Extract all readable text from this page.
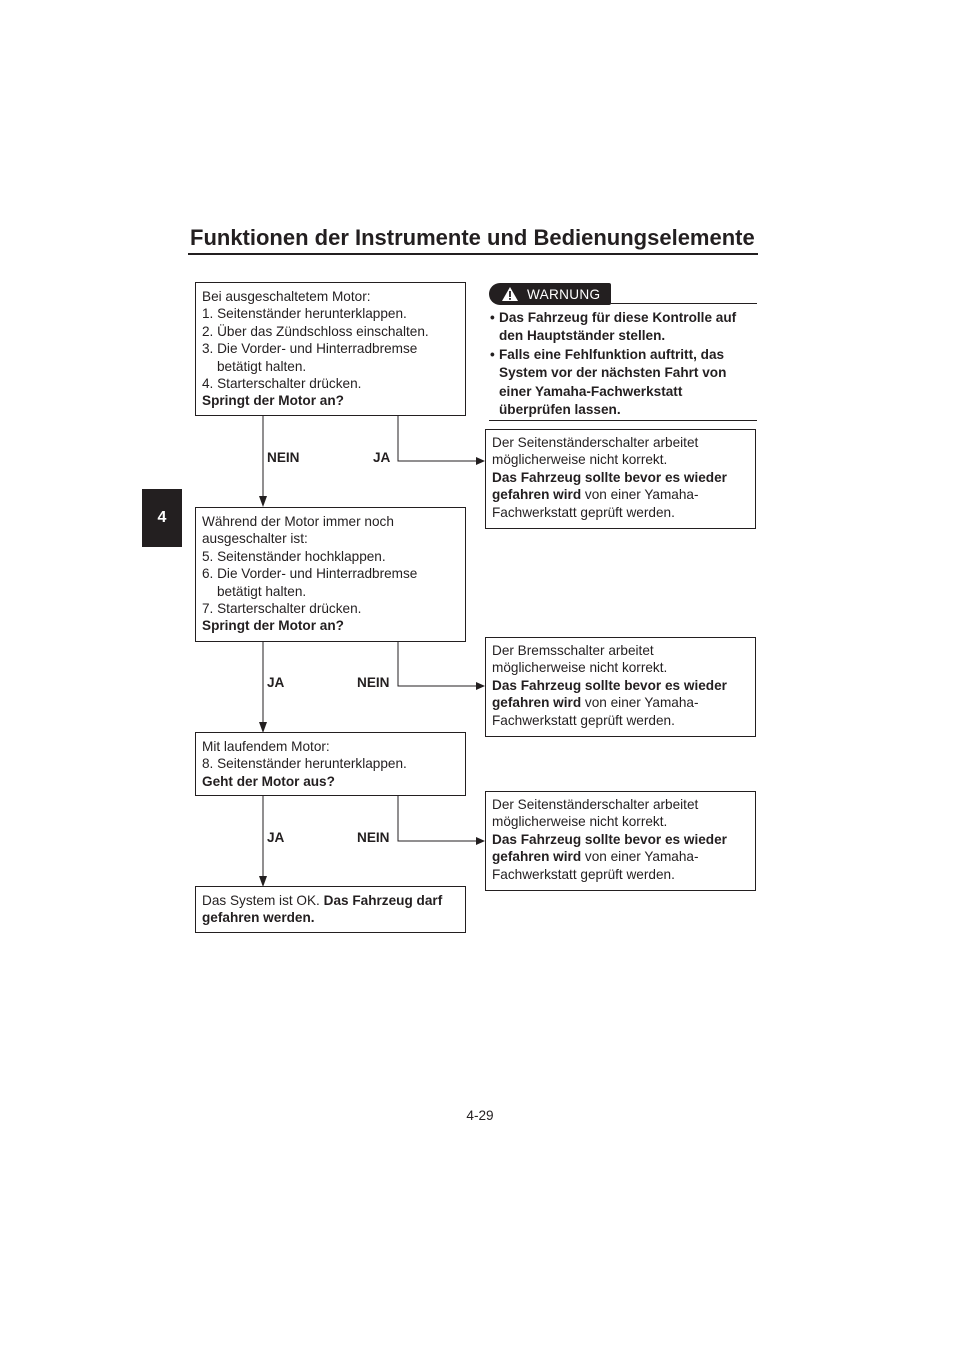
Funktionen der Instrumente und Bedienungselemente
4
Bei ausgeschaltetem Motor:
1. Seitenständer herunterklappen.
2. Über das Zündschloss einschalten.
3. Die Vorder- und Hinterradbremse
betätigt halten.
4. Starterschalter drücken.
Springt der Motor an?
NEIN	JA
Der Seitenständerschalter arbeitet
möglicherweise nicht korrekt.
Das Fahrzeug sollte bevor es wieder
gefahren wird von einer Yamaha-
Fachwerkstatt geprüft werden.
Während der Motor immer noch
ausgeschalter ist:
5. Seitenständer hochklappen.
6. Die Vorder- und Hinterradbremse
betätigt halten.
7. Starterschalter drücken.
Springt der Motor an?
JA	NEIN
Der Bremsschalter arbeitet
möglicherweise nicht korrekt.
Das Fahrzeug sollte bevor es wieder
gefahren wird von einer Yamaha-
Fachwerkstatt geprüft werden.
Mit laufendem Motor:
8. Seitenständer herunterklappen.
Geht der Motor aus?
JA	NEIN
Der Seitenständerschalter arbeitet
möglicherweise nicht korrekt.
Das Fahrzeug sollte bevor es wieder
gefahren wird von einer Yamaha-
Fachwerkstatt geprüft werden.
Das System ist OK. Das Fahrzeug darf
gefahren werden.
WARNUNG
• Das Fahrzeug für diese Kontrolle auf den Hauptständer stellen.
• Falls eine Fehlfunktion auftritt, das System vor der nächsten Fahrt von einer Yamaha-Fachwerkstatt überprüfen lassen.
4-29
